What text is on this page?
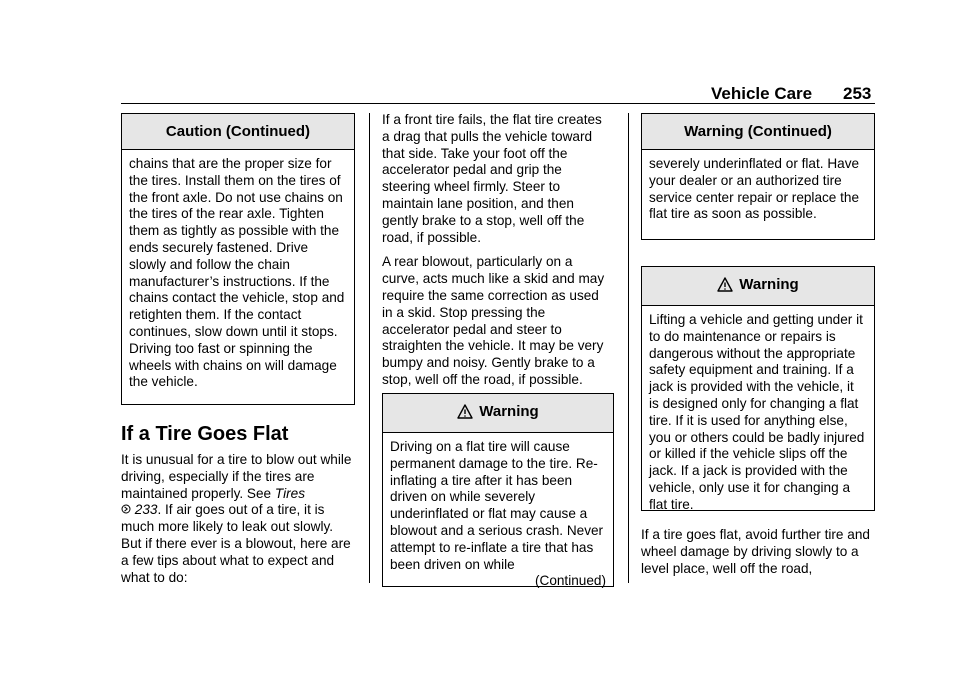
Vehicle Care 253
Caution (Continued)
chains that are the proper size for the tires. Install them on the tires of the front axle. Do not use chains on the tires of the rear axle. Tighten them as tightly as possible with the ends securely fastened. Drive slowly and follow the chain manufacturer’s instructions. If the chains contact the vehicle, stop and retighten them. If the contact continues, slow down until it stops. Driving too fast or spinning the wheels with chains on will damage the vehicle.
If a Tire Goes Flat

It is unusual for a tire to blow out while driving, especially if the tires are maintained properly. See Tires
233. If air goes out of a tire, it is much more likely to leak out slowly. But if there ever is a blowout, here are a few tips about what to expect and what to do:

If a front tire fails, the flat tire creates a drag that pulls the vehicle toward that side. Take your foot off the accelerator pedal and grip the steering wheel firmly. Steer to maintain lane position, and then gently brake to a stop, well off the road, if possible.

A rear blowout, particularly on a curve, acts much like a skid and may require the same correction as used in a skid. Stop pressing the accelerator pedal and steer to straighten the vehicle. It may be very bumpy and noisy. Gently brake to a stop, well off the road, if possible.

Warning
Driving on a flat tire will cause permanent damage to the tire. Re-inflating a tire after it has been driven on while severely underinflated or flat may cause a blowout and a serious crash. Never attempt to re-inflate a tire that has been driven on while
(Continued)
Warning (Continued)
severely underinflated or flat. Have your dealer or an authorized tire service center repair or replace the flat tire as soon as possible.
Warning
Lifting a vehicle and getting under it to do maintenance or repairs is dangerous without the appropriate safety equipment and training. If a jack is provided with the vehicle, it is designed only for changing a flat tire. If it is used for anything else, you or others could be badly injured or killed if the vehicle slips off the jack. If a jack is provided with the vehicle, only use it for changing a flat tire.
If a tire goes flat, avoid further tire and wheel damage by driving slowly to a level place, well off the road,
